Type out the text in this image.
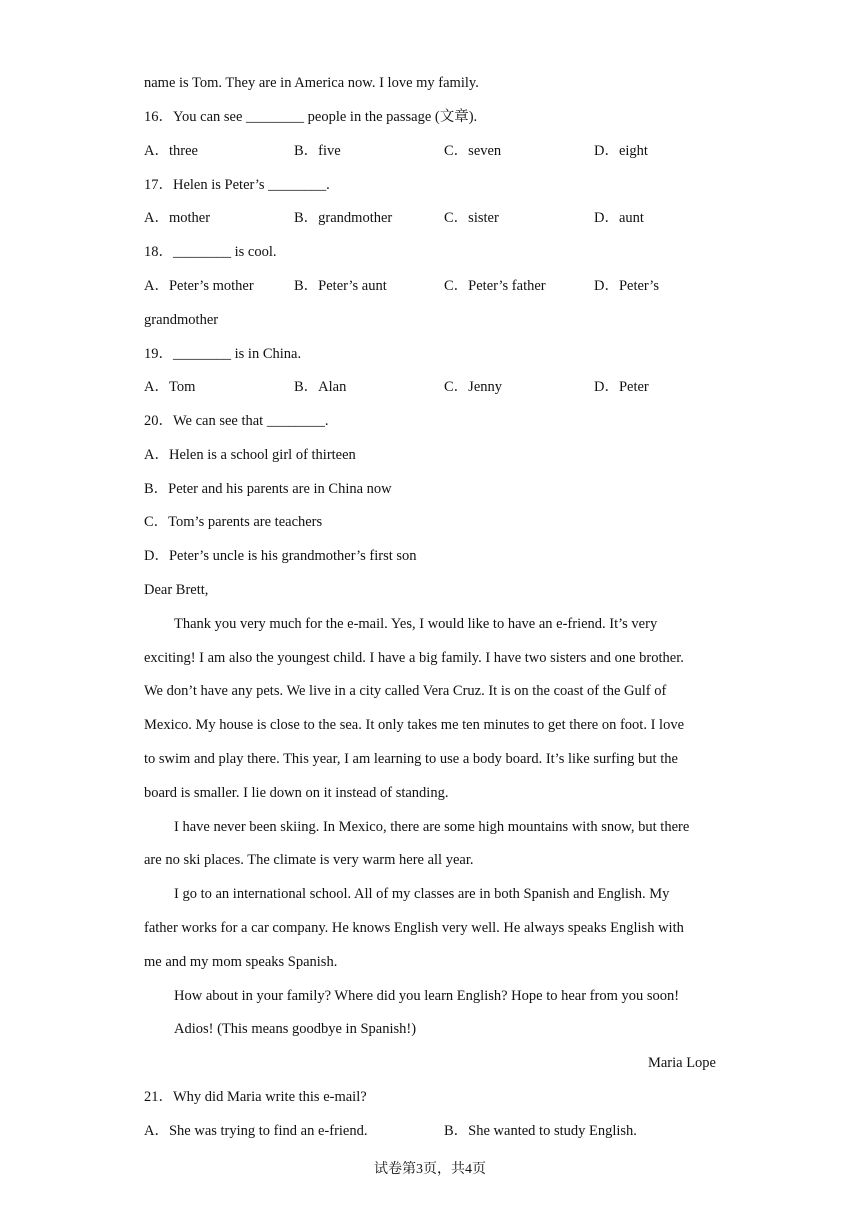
name is Tom. They are in America now. I love my family.
16．You can see ________ people in the passage (文章).
A．three	B．five	C．seven	D．eight
17．Helen is Peter’s ________.
A．mother	B．grandmother	C．sister	D．aunt
18．________ is cool.
A．Peter’s mother	B．Peter’s aunt	C．Peter’s father	D．Peter’s
grandmother
19．________ is in China.
A．Tom	B．Alan	C．Jenny	D．Peter
20．We can see that ________.
A．Helen is a school girl of thirteen
B．Peter and his parents are in China now
C．Tom’s parents are teachers
D．Peter’s uncle is his grandmother’s first son
Dear Brett,
Thank you very much for the e-mail. Yes, I would like to have an e-friend. It’s very
exciting! I am also the youngest child. I have a big family. I have two sisters and one brother.
We don’t have any pets. We live in a city called Vera Cruz. It is on the coast of the Gulf of
Mexico. My house is close to the sea. It only takes me ten minutes to get there on foot. I love
to swim and play there. This year, I am learning to use a body board. It’s like surfing but the
board is smaller. I lie down on it instead of standing.
I have never been skiing. In Mexico, there are some high mountains with snow, but there
are no ski places. The climate is very warm here all year.
I go to an international school. All of my classes are in both Spanish and English. My
father works for a car company. He knows English very well. He always speaks English with
me and my mom speaks Spanish.
How about in your family? Where did you learn English? Hope to hear from you soon!
Adios! (This means goodbye in Spanish!)
Maria Lope
21．Why did Maria write this e-mail?
A．She was trying to find an e-friend.	B．She wanted to study English.
试卷第3页，共4页
